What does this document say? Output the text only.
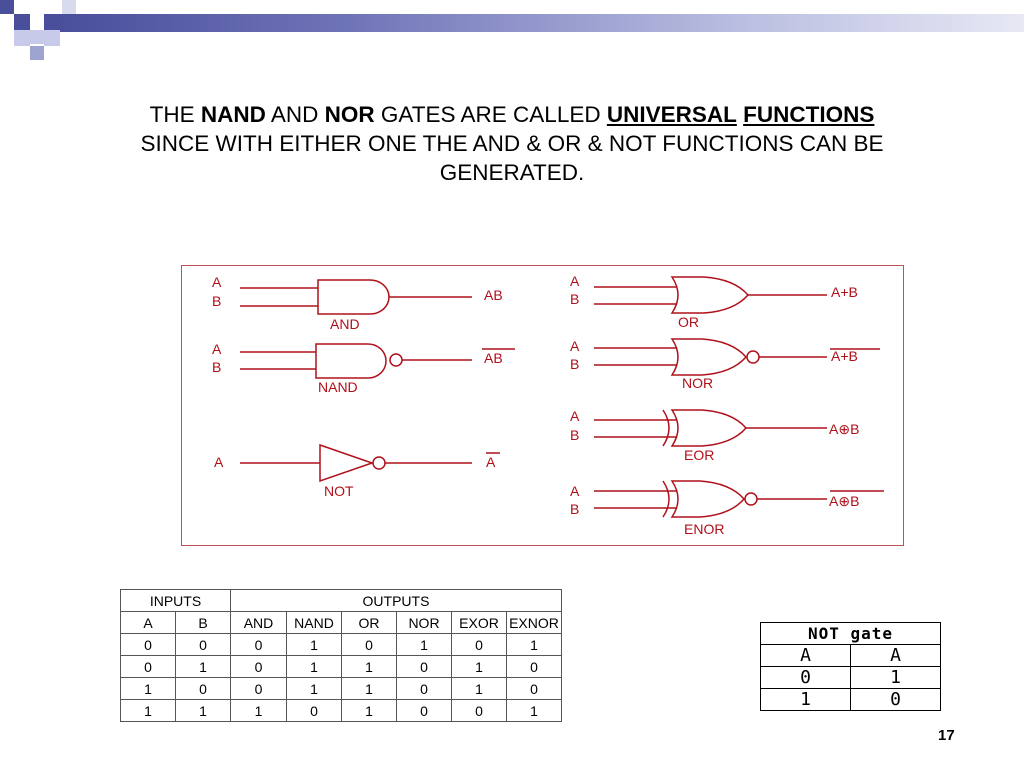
THE NAND AND NOR GATES ARE CALLED UNIVERSAL FUNCTIONS SINCE WITH EITHER ONE THE AND & OR & NOT FUNCTIONS CAN BE GENERATED.
A
B
AND
AB
A
B
NAND
AB
A
NOT
A
A
B
OR
A+B
A
B
NOR
A+B
A
B
EOR
A⊕B
A
B
ENOR
A⊕B
INPUTS		OUTPUTS					
A	B	AND	NAND	OR	NOR	EXOR	EXNOR
0	0	0	1	0	1	0	1
0	1	0	1	1	0	1	0
1	0	0	1	1	0	1	0
1	1	1	0	1	0	0	1
NOT gate	
A	$\overline{A}$
0	1
1	0
17
